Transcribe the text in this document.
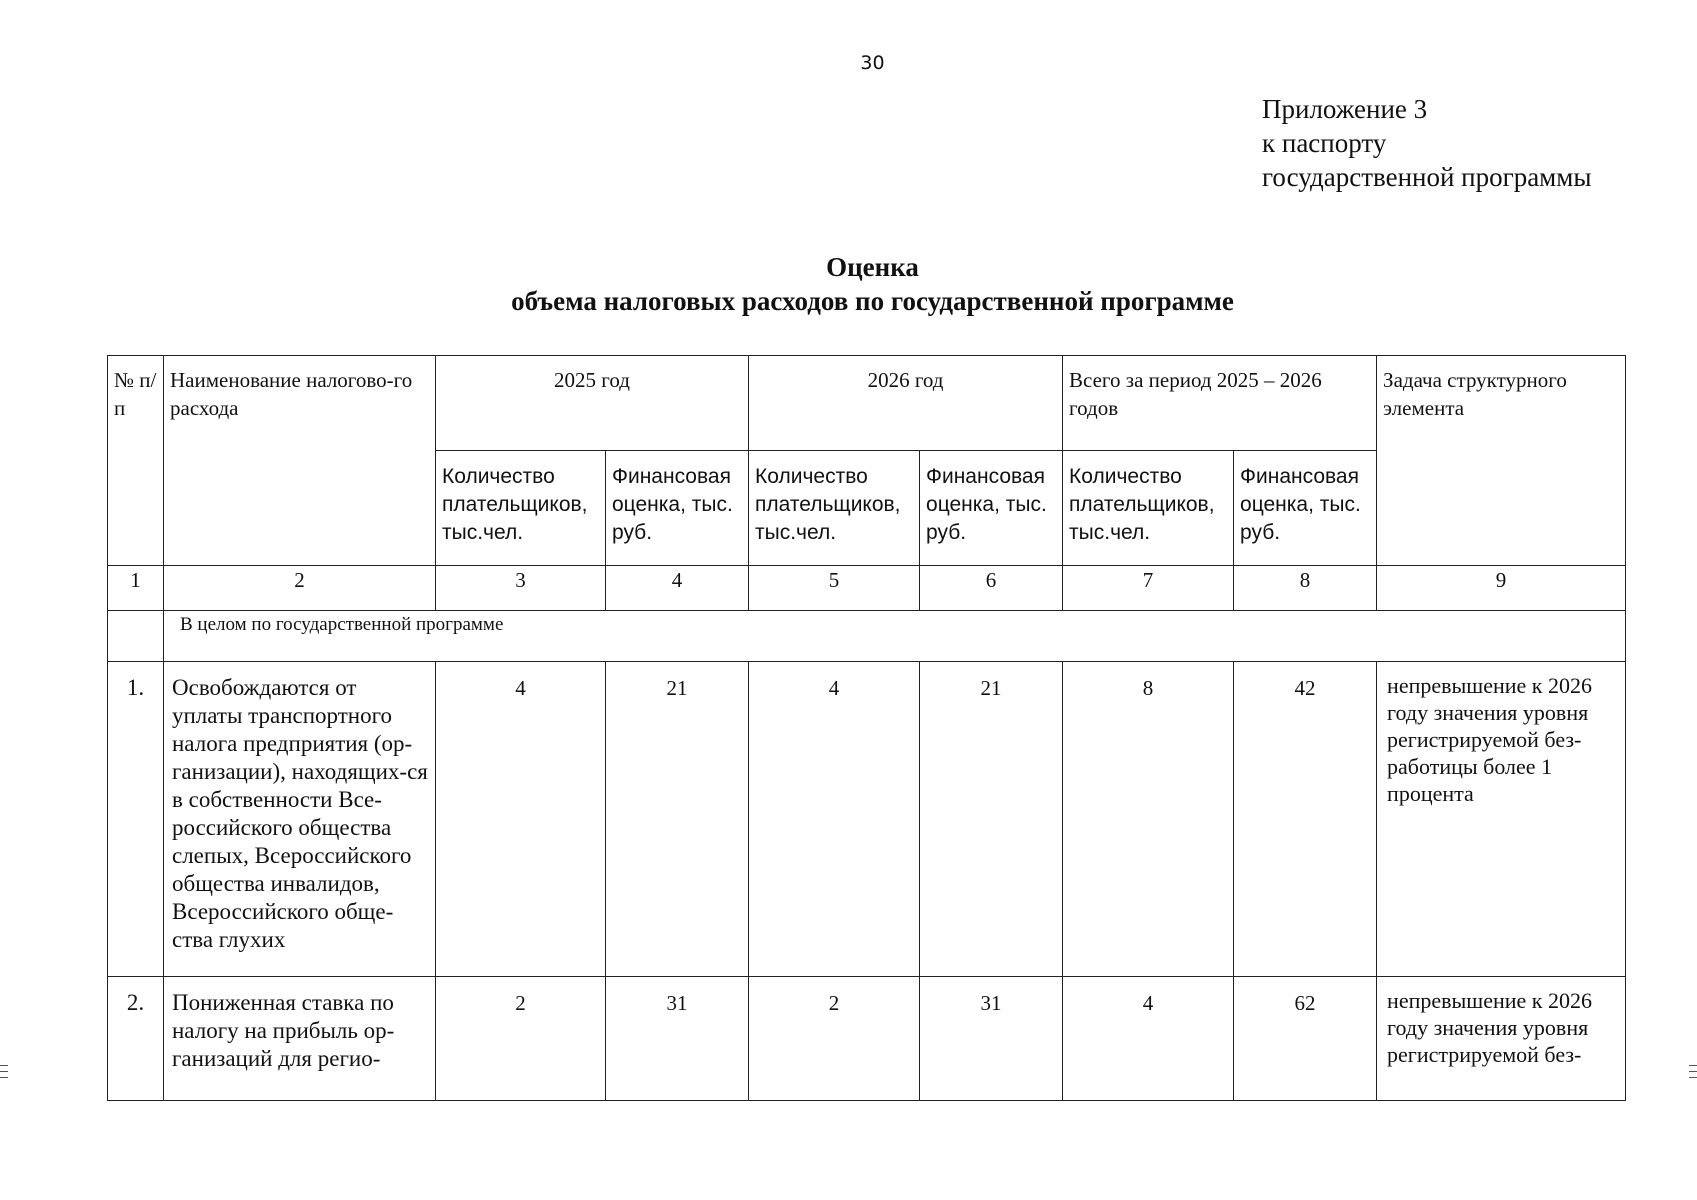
30
Приложение 3
к паспорту
государственной программы
Оценка
объема налоговых расходов по государственной программе
№ п/п	Наименование налогово-го расхода	2025 год		2026 год		Всего за период 2025 – 2026 годов		Задача структурного элемента
		Количество плательщиков, тыс.чел.	Финансовая оценка, тыс. руб.	Количество плательщиков, тыс.чел.	Финансовая оценка, тыс. руб.	Количество плательщиков, тыс.чел.	Финансовая оценка, тыс. руб.	
1	2	3	4	5	6	7	8	9
	В целом по государственной программе							
1.	Освобождаются от уплаты транспортного налога предприятия (ор-ганизации), находящих-ся в собственности Все-российского общества слепых, Всероссийского общества инвалидов, Всероссийского обще-ства глухих	4	21	4	21	8	42	непревышение к 2026 году значения уровня регистрируемой без-работицы более 1 процента
2.	Пониженная ставка по налогу на прибыль ор-ганизаций для регио-	2	31	2	31	4	62	непревышение к 2026 году значения уровня регистрируемой без-
